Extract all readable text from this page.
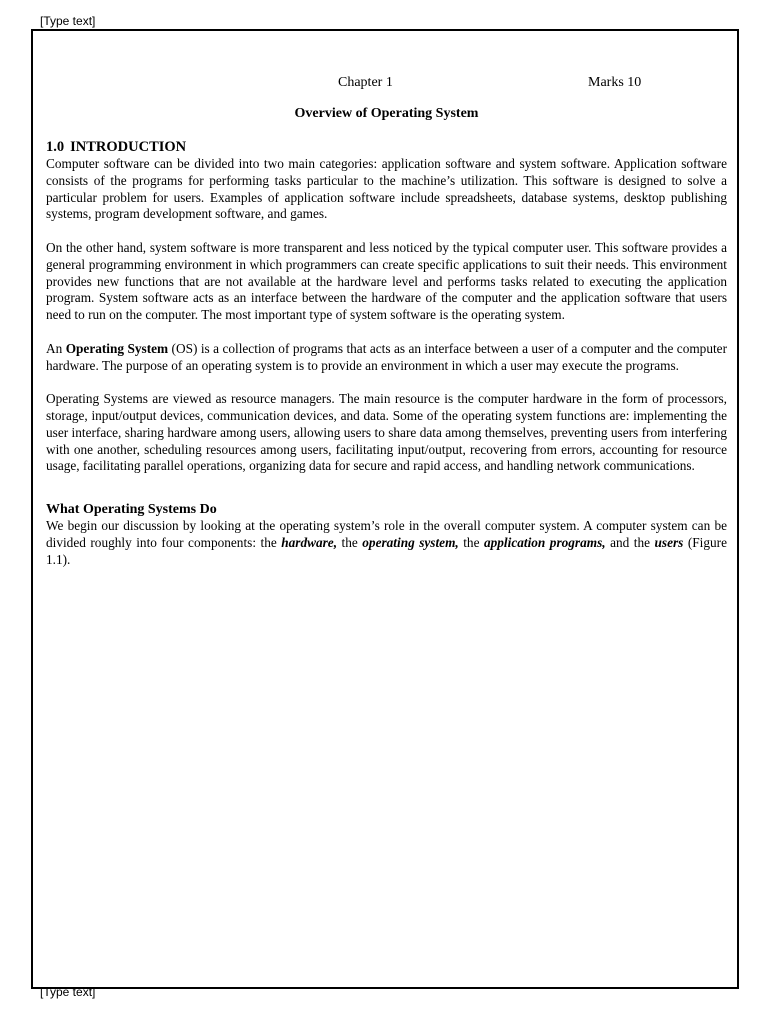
[Type text]
Chapter 1	Marks 10
Overview of Operating System
1.0 INTRODUCTION

Computer software can be divided into two main categories: application software and system software. Application software consists of the programs for performing tasks particular to the machine’s utilization. This software is designed to solve a particular problem for users. Examples of application software include spreadsheets, database systems, desktop publishing systems, program development software, and games.

On the other hand, system software is more transparent and less noticed by the typical computer user. This software provides a general programming environment in which programmers can create specific applications to suit their needs. This environment provides new functions that are not available at the hardware level and performs tasks related to executing the application program. System software acts as an interface between the hardware of the computer and the application software that users need to run on the computer. The most important type of system software is the operating system.

An Operating System (OS) is a collection of programs that acts as an interface between a user of a computer and the computer hardware. The purpose of an operating system is to provide an environment in which a user may execute the programs.

Operating Systems are viewed as resource managers. The main resource is the computer hardware in the form of processors, storage, input/output devices, communication devices, and data. Some of the operating system functions are: implementing the user interface, sharing hardware among users, allowing users to share data among themselves, preventing users from interfering with one another, scheduling resources among users, facilitating input/output, recovering from errors, accounting for resource usage, facilitating parallel operations, organizing data for secure and rapid access, and handling network communications.

What Operating Systems Do

We begin our discussion by looking at the operating system’s role in the overall computer system. A computer system can be divided roughly into four components: the hardware, the operating system, the application programs, and the users (Figure 1.1).

[Type text]
